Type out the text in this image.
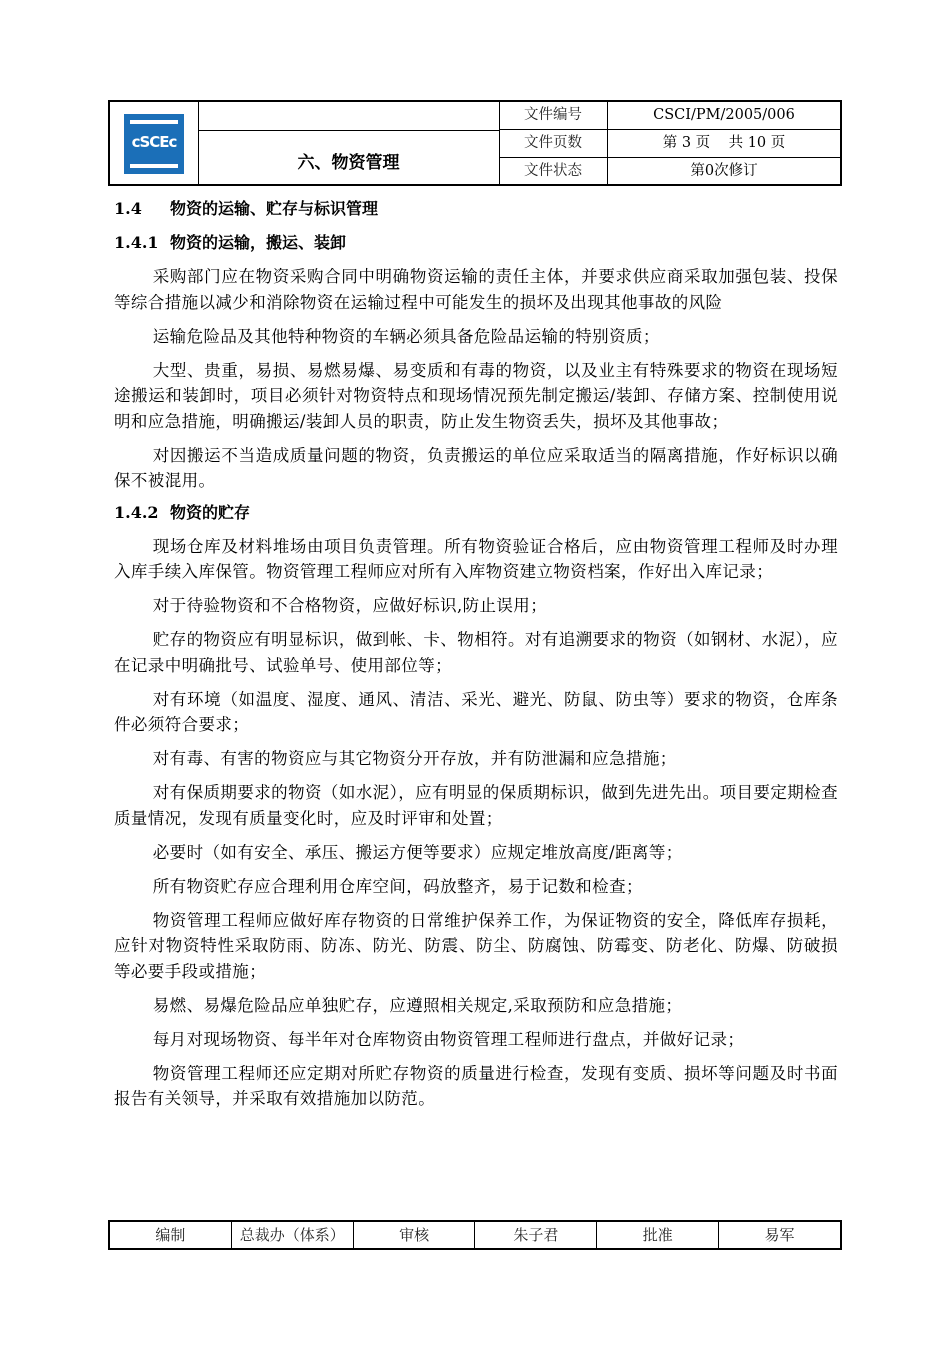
cSCEc
六、物资管理
文件编号	CSCI/PM/2005/006
文件页数	第 3 页    共 10 页
文件状态	第0次修订
1.4 物资的运输、贮存与标识管理
1.4.1 物资的运输，搬运、装卸

采购部门应在物资采购合同中明确物资运输的责任主体，并要求供应商采取加强包装、投保等综合措施以减少和消除物资在运输过程中可能发生的损坏及出现其他事故的风险

运输危险品及其他特种物资的车辆必须具备危险品运输的特别资质；

大型、贵重，易损、易燃易爆、易变质和有毒的物资，以及业主有特殊要求的物资在现场短途搬运和装卸时，项目必须针对物资特点和现场情况预先制定搬运/装卸、存储方案、控制使用说明和应急措施，明确搬运/装卸人员的职责，防止发生物资丢失，损坏及其他事故；

对因搬运不当造成质量问题的物资，负责搬运的单位应采取适当的隔离措施，作好标识以确保不被混用。

1.4.2 物资的贮存

现场仓库及材料堆场由项目负责管理。所有物资验证合格后，应由物资管理工程师及时办理入库手续入库保管。物资管理工程师应对所有入库物资建立物资档案，作好出入库记录；

对于待验物资和不合格物资，应做好标识,防止误用；

贮存的物资应有明显标识，做到帐、卡、物相符。对有追溯要求的物资（如钢材、水泥），应在记录中明确批号、试验单号、使用部位等；

对有环境（如温度、湿度、通风、清洁、采光、避光、防鼠、防虫等）要求的物资，仓库条件必须符合要求；

对有毒、有害的物资应与其它物资分开存放，并有防泄漏和应急措施；

对有保质期要求的物资（如水泥），应有明显的保质期标识，做到先进先出。项目要定期检查质量情况，发现有质量变化时，应及时评审和处置；

必要时（如有安全、承压、搬运方便等要求）应规定堆放高度/距离等；

所有物资贮存应合理利用仓库空间，码放整齐，易于记数和检查；

物资管理工程师应做好库存物资的日常维护保养工作，为保证物资的安全，降低库存损耗，应针对物资特性采取防雨、防冻、防光、防震、防尘、防腐蚀、防霉变、防老化、防爆、防破损等必要手段或措施；

易燃、易爆危险品应单独贮存，应遵照相关规定,采取预防和应急措施；

每月对现场物资、每半年对仓库物资由物资管理工程师进行盘点，并做好记录；

物资管理工程师还应定期对所贮存物资的质量进行检查，发现有变质、损坏等问题及时书面报告有关领导，并采取有效措施加以防范。

编制	总裁办（体系）	审核	朱子君	批准	易军
